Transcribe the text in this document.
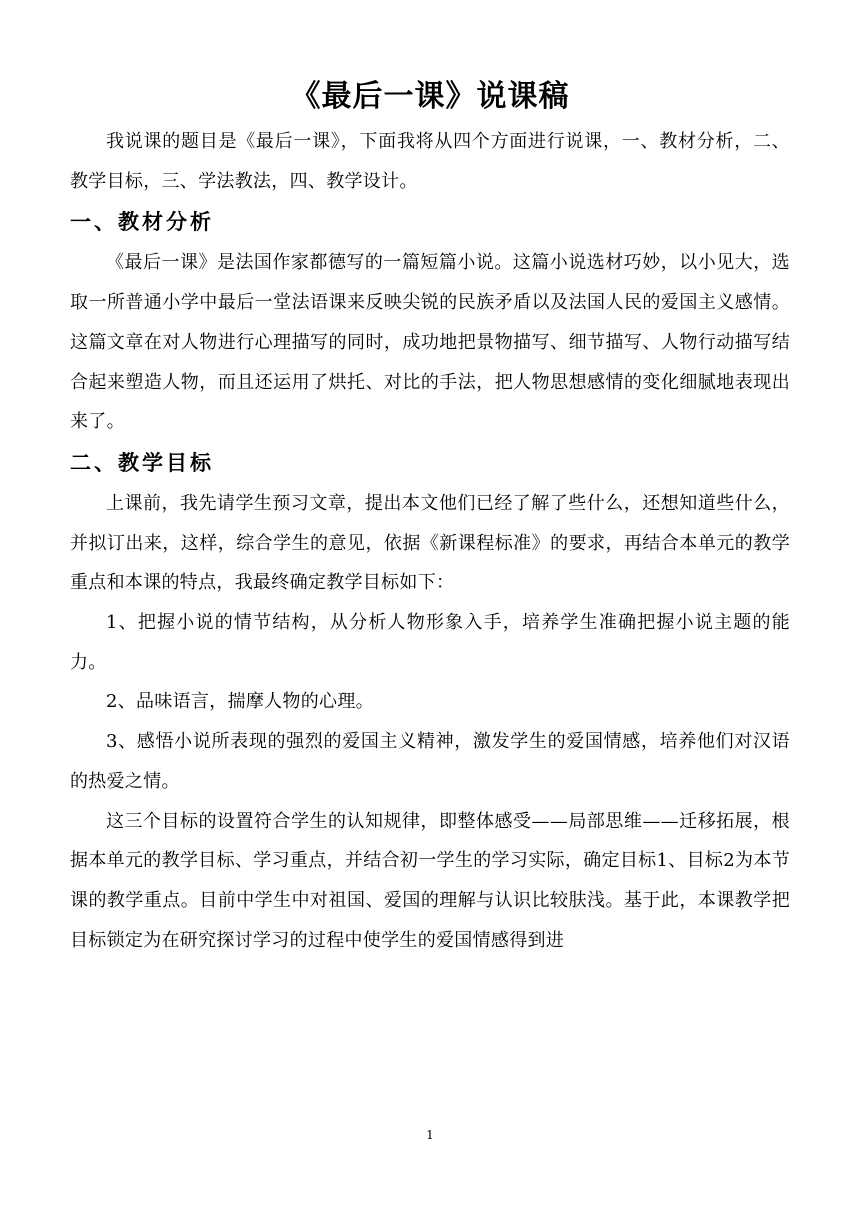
《最后一课》说课稿

我说课的题目是《最后一课》，下面我将从四个方面进行说课，一、教材分析，二、教学目标，三、学法教法，四、教学设计。

一、教材分析

《最后一课》是法国作家都德写的一篇短篇小说。这篇小说选材巧妙，以小见大，选取一所普通小学中最后一堂法语课来反映尖锐的民族矛盾以及法国人民的爱国主义感情。这篇文章在对人物进行心理描写的同时，成功地把景物描写、细节描写、人物行动描写结合起来塑造人物，而且还运用了烘托、对比的手法，把人物思想感情的变化细腻地表现出来了。

二、教学目标

上课前，我先请学生预习文章，提出本文他们已经了解了些什么，还想知道些什么，并拟订出来，这样，综合学生的意见，依据《新课程标准》的要求，再结合本单元的教学重点和本课的特点，我最终确定教学目标如下：

1、把握小说的情节结构，从分析人物形象入手，培养学生准确把握小说主题的能力。

2、品味语言，揣摩人物的心理。

3、感悟小说所表现的强烈的爱国主义精神，激发学生的爱国情感，培养他们对汉语的热爱之情。

这三个目标的设置符合学生的认知规律，即整体感受——局部思维——迁移拓展，根据本单元的教学目标、学习重点，并结合初一学生的学习实际，确定目标1、目标2为本节课的教学重点。目前中学生中对祖国、爱国的理解与认识比较肤浅。基于此，本课教学把目标锁定为在研究探讨学习的过程中使学生的爱国情感得到进

1
